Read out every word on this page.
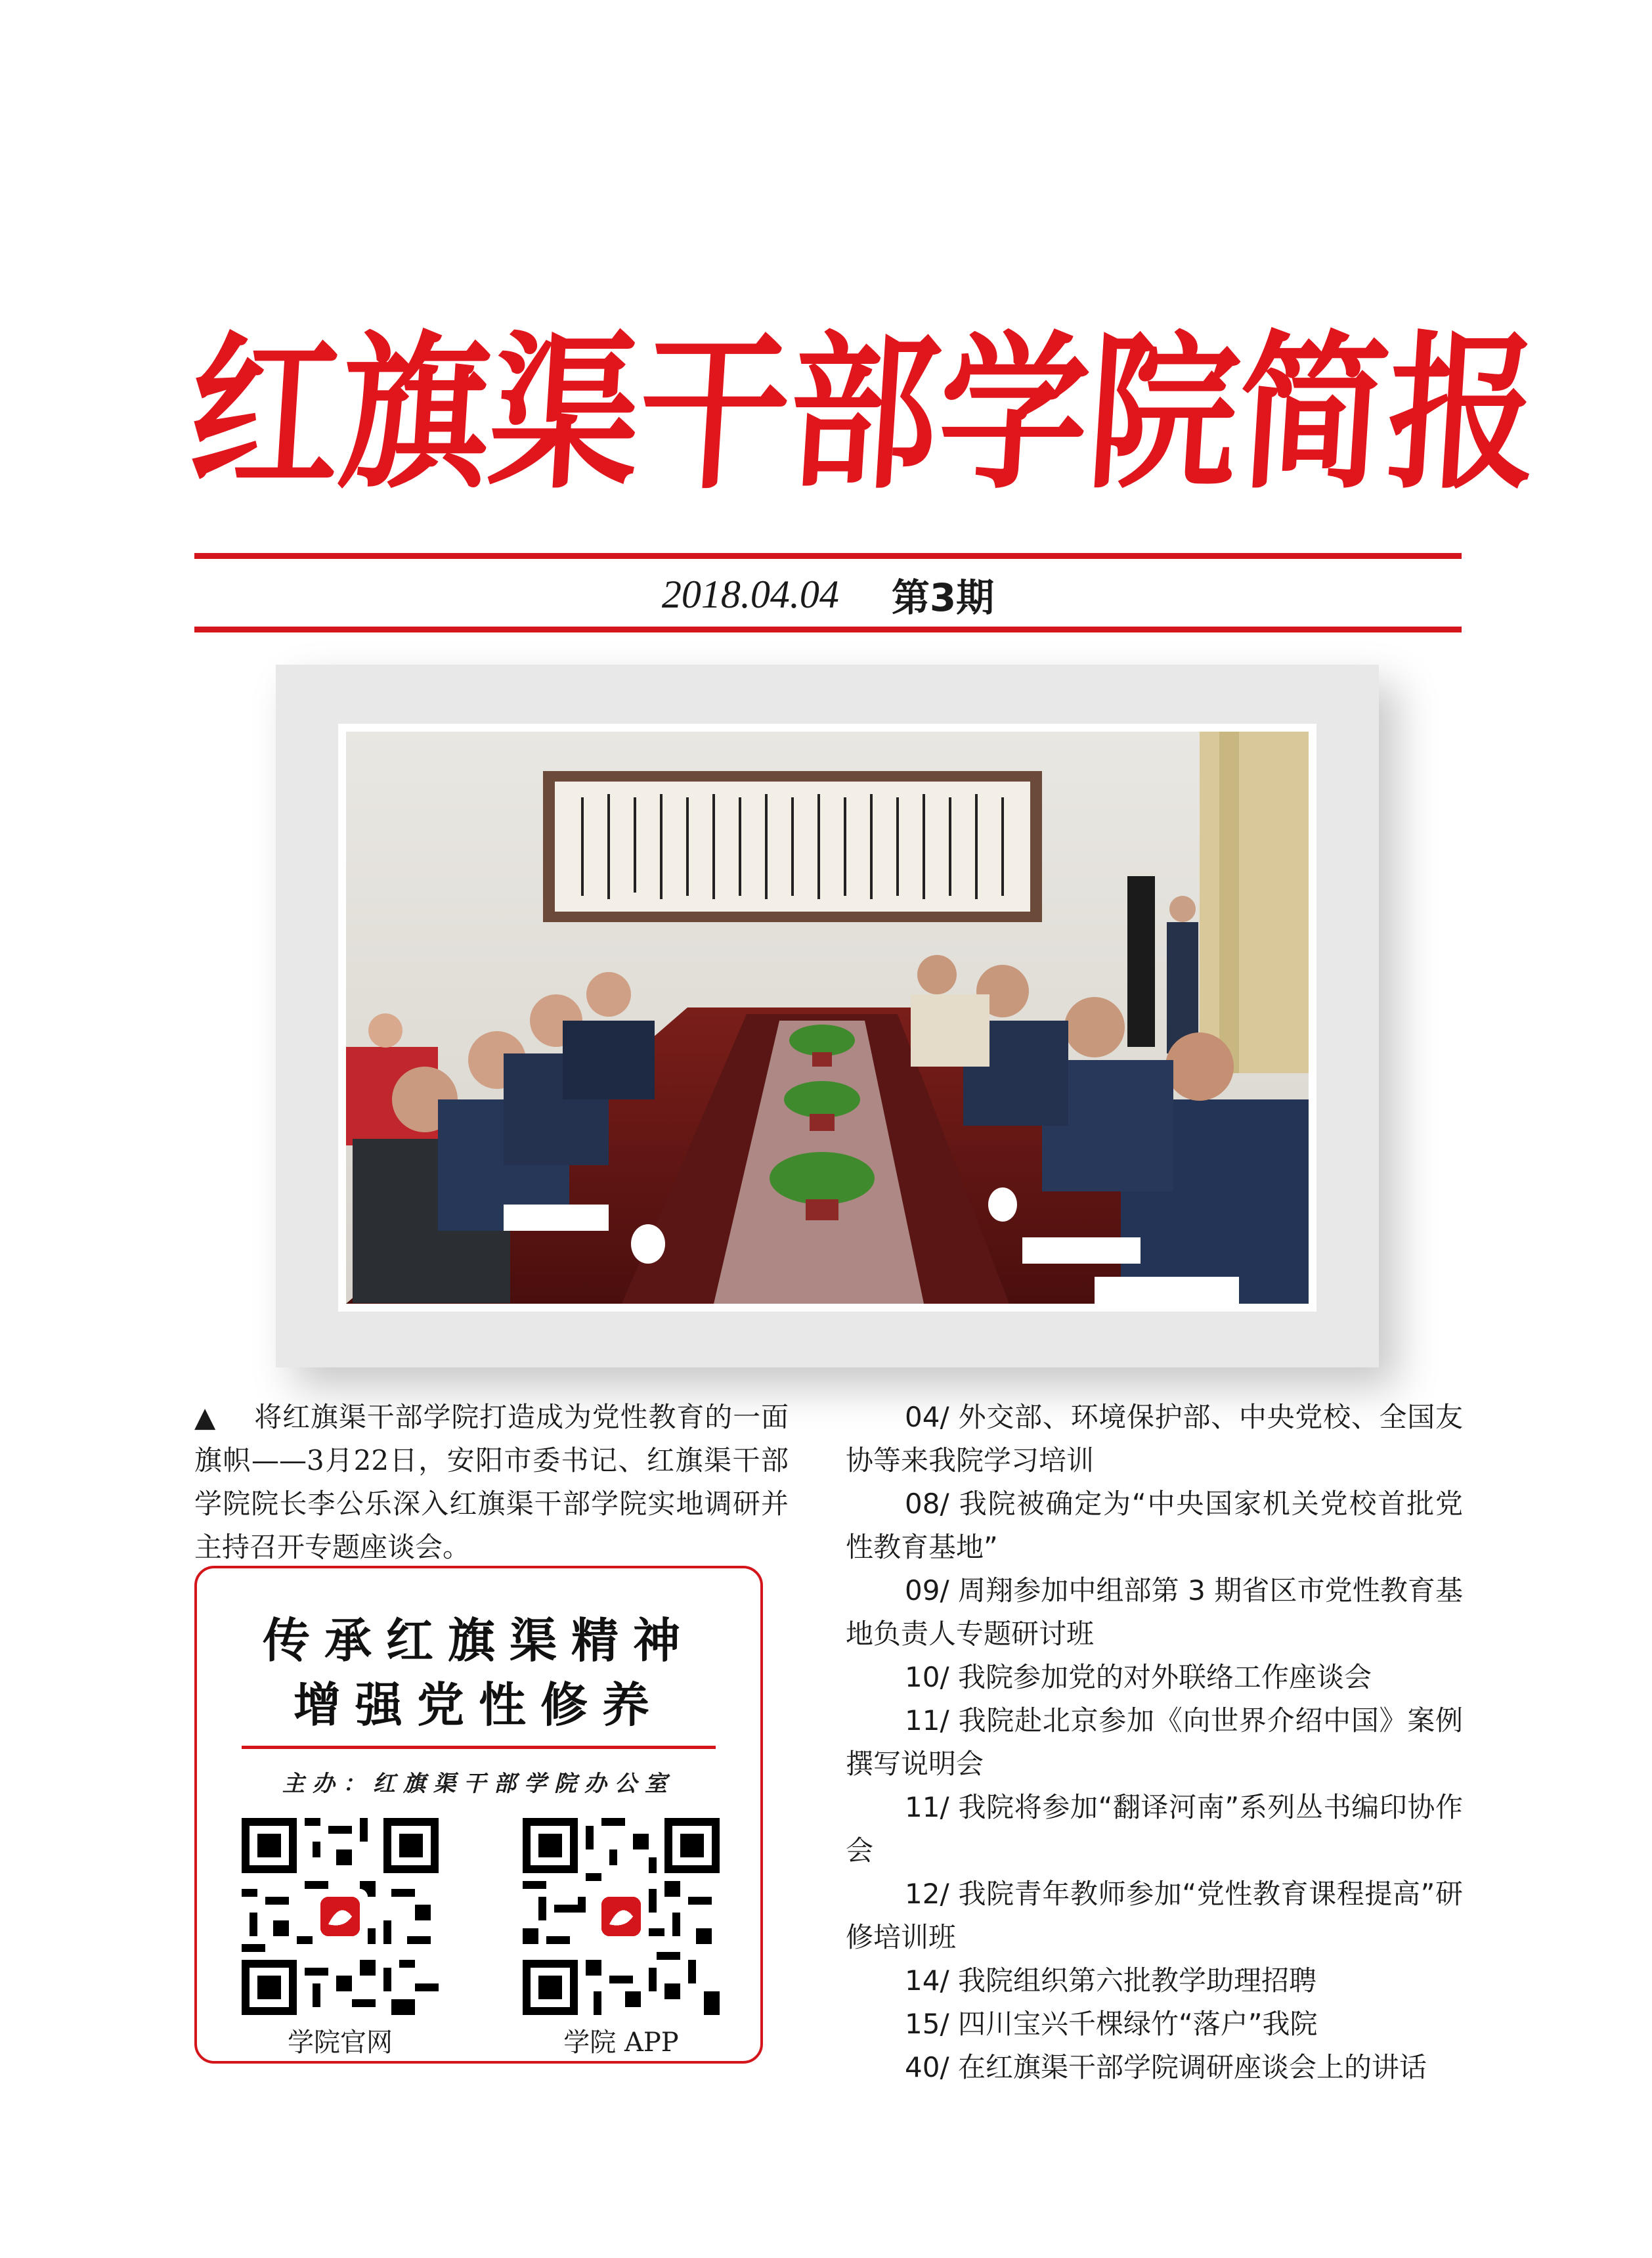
红
旗
渠
干
部
学
院
简
报
2018.04.04 第3期
▲ 将红旗渠干部学院打造成为党性教育的一面旗帜——3月22日，安阳市委书记、红旗渠干部学院院长李公乐深入红旗渠干部学院实地调研并主持召开专题座谈会。
传承红旗渠精神
增强党性修养
主办：红旗渠干部学院办公室
学院官网	学院 APP
04/ 外交部、环境保护部、中央党校、全国友协等来我院学习培训
08/ 我院被确定为“中央国家机关党校首批党性教育基地”
09/ 周翔参加中组部第 3 期省区市党性教育基地负责人专题研讨班
10/ 我院参加党的对外联络工作座谈会
11/ 我院赴北京参加《向世界介绍中国》案例撰写说明会
11/ 我院将参加“翻译河南”系列丛书编印协作会
12/ 我院青年教师参加“党性教育课程提高”研修培训班
14/ 我院组织第六批教学助理招聘
15/ 四川宝兴千棵绿竹“落户”我院
40/ 在红旗渠干部学院调研座谈会上的讲话
